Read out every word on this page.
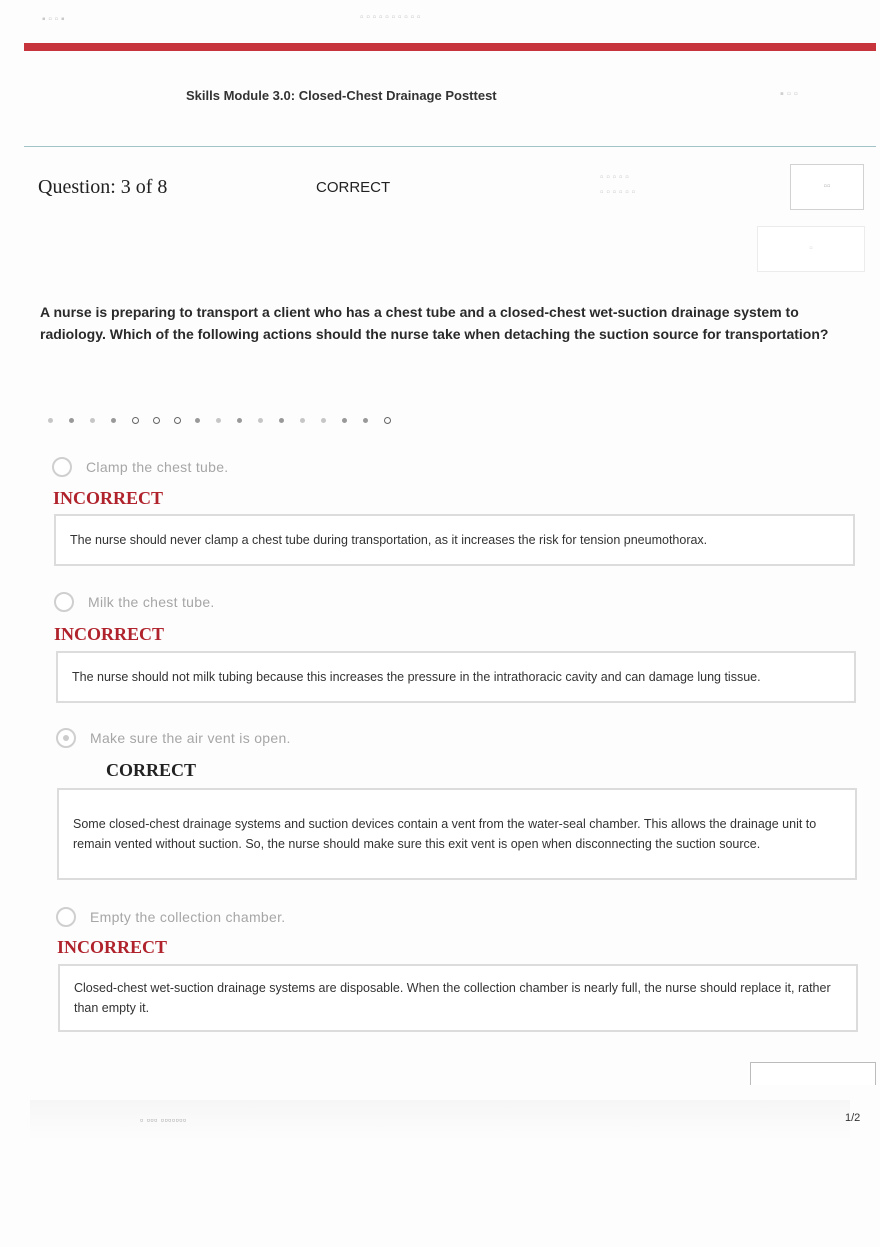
▪ ▫ ▫ ▪	▫ ▫ ▫ ▫ ▫ ▫ ▫ ▫ ▫ ▫
Skills Module 3.0: Closed-Chest Drainage Posttest	▪ ▫ ▫
Question: 3 of 8	CORRECT
▫ ▫ ▫ ▫ ▫
▫ ▫ ▫ ▫ ▫ ▫
▫▫
▫
A nurse is preparing to transport a client who has a chest tube and a closed-chest wet-suction drainage system to radiology. Which of the following actions should the nurse take when detaching the suction source for transportation?
Clamp the chest tube.
INCORRECT
The nurse should never clamp a chest tube during transportation, as it increases the risk for tension pneumothorax.
Milk the chest tube.
INCORRECT
The nurse should not milk tubing because this increases the pressure in the intrathoracic cavity and can damage lung tissue.
Make sure the air vent is open.
CORRECT
Some closed-chest drainage systems and suction devices contain a vent from the water-seal chamber. This allows the drainage unit to remain vented without suction. So, the nurse should make sure this exit vent is open when disconnecting the suction source.
Empty the collection chamber.
INCORRECT
Closed-chest wet-suction drainage systems are disposable. When the collection chamber is nearly full, the nurse should replace it, rather than empty it.
▫ ▫▫▫ ▫▫▫▫▫▫▫	1/2
